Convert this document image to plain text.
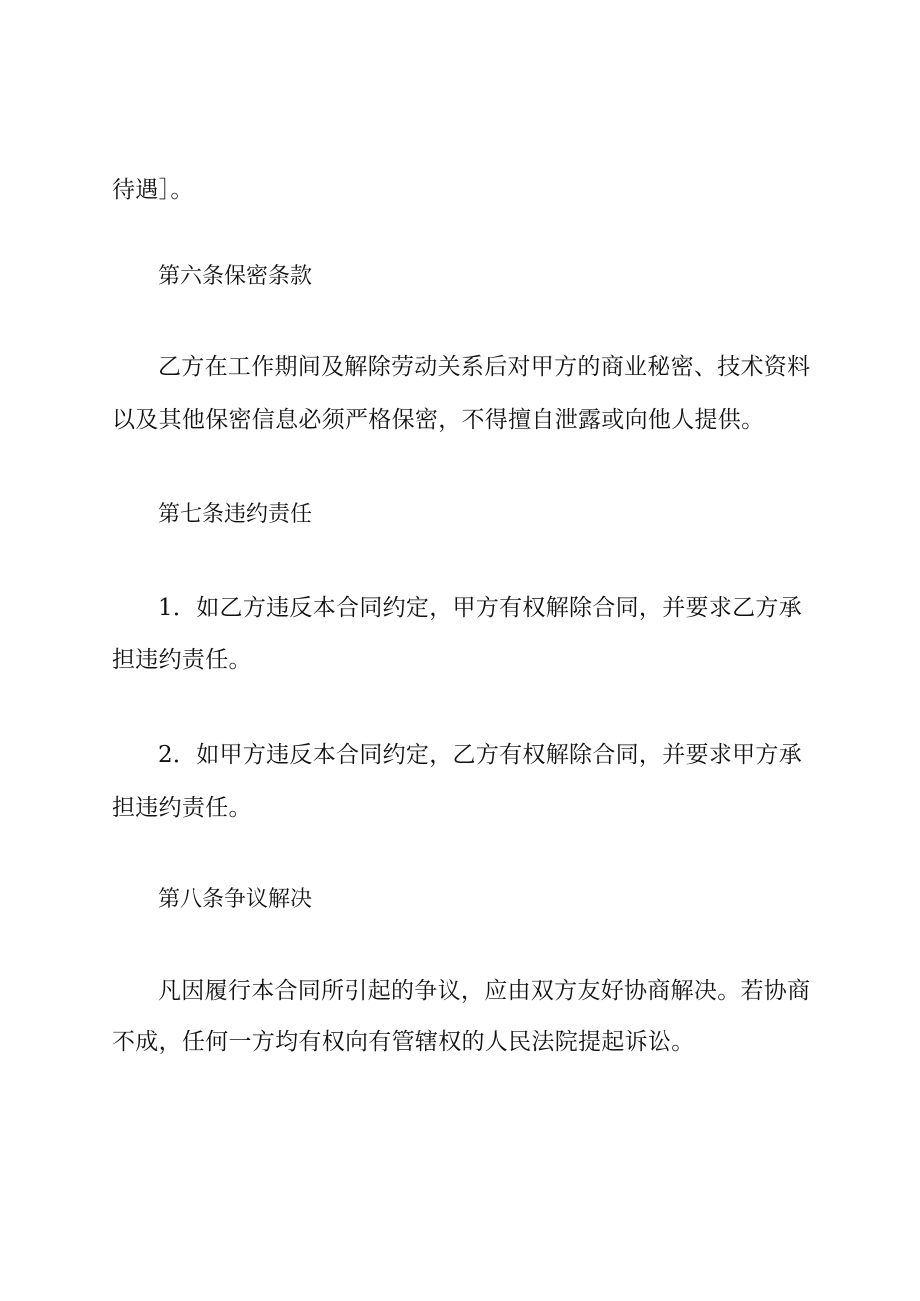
待遇］。
第六条保密条款
乙方在工作期间及解除劳动关系后对甲方的商业秘密、技术资料
以及其他保密信息必须严格保密，不得擅自泄露或向他人提供。
第七条违约责任
1．如乙方违反本合同约定，甲方有权解除合同，并要求乙方承
担违约责任。
2．如甲方违反本合同约定，乙方有权解除合同，并要求甲方承
担违约责任。
第八条争议解决
凡因履行本合同所引起的争议，应由双方友好协商解决。若协商
不成，任何一方均有权向有管辖权的人民法院提起诉讼。
